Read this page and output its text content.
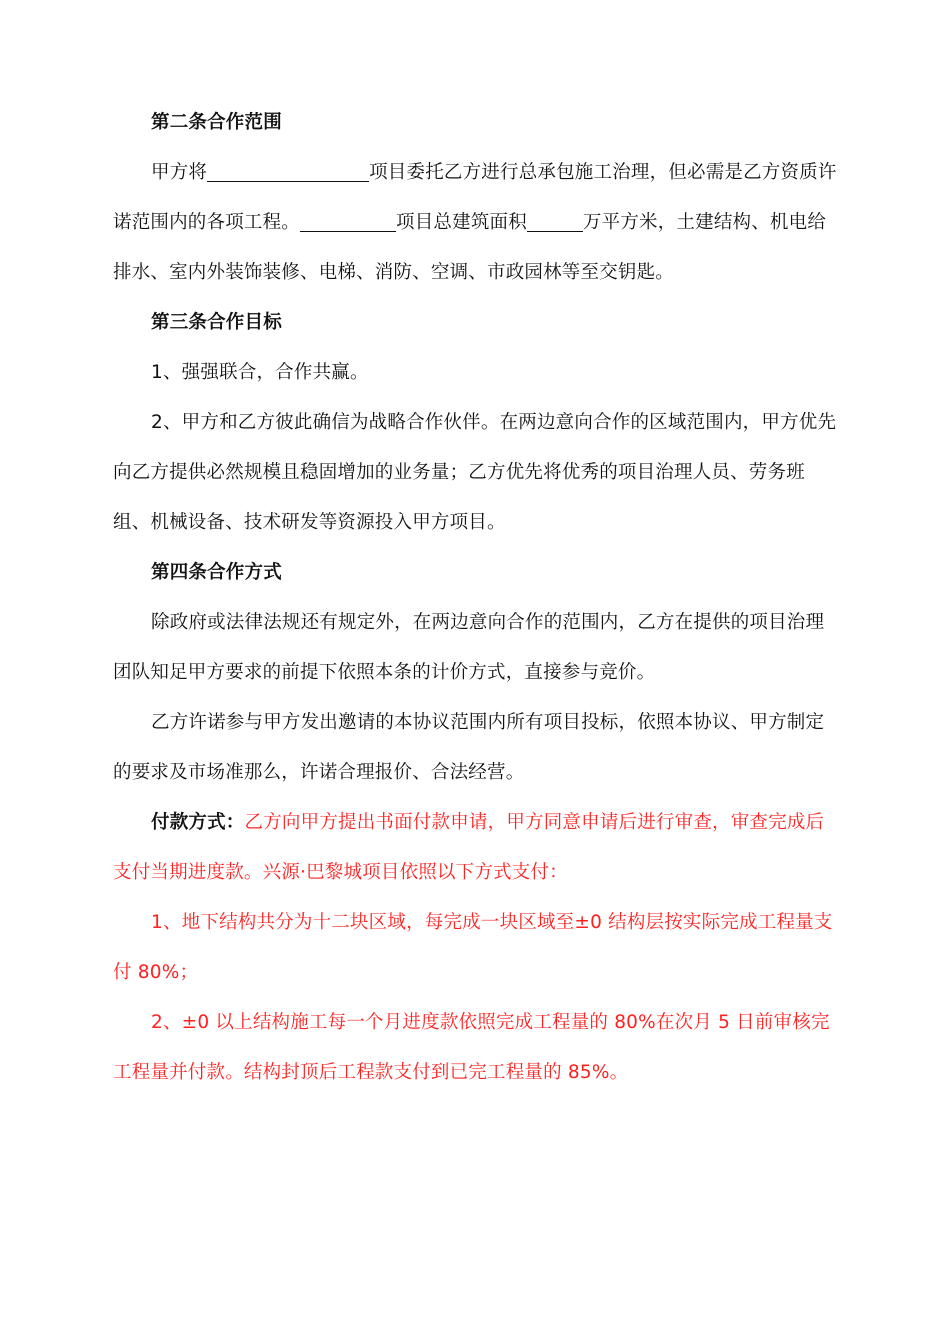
第二条合作范围

甲方将	项目委托乙方进行总承包施工治理，但必需是乙方资质许诺范围内的各项工程。	项目总建筑面积	万平方米，土建结构、机电给排水、室内外装饰装修、电梯、消防、空调、市政园林等至交钥匙。

第三条合作目标

1、强强联合，合作共赢。

2、甲方和乙方彼此确信为战略合作伙伴。在两边意向合作的区域范围内，甲方优先向乙方提供必然规模且稳固增加的业务量；乙方优先将优秀的项目治理人员、劳务班组、机械设备、技术研发等资源投入甲方项目。

第四条合作方式

除政府或法律法规还有规定外，在两边意向合作的范围内，乙方在提供的项目治理团队知足甲方要求的前提下依照本条的计价方式，直接参与竞价。

乙方许诺参与甲方发出邀请的本协议范围内所有项目投标，依照本协议、甲方制定的要求及市场准那么，许诺合理报价、合法经营。

付款方式：乙方向甲方提出书面付款申请，甲方同意申请后进行审查，审查完成后支付当期进度款。兴源·巴黎城项目依照以下方式支付：

1、地下结构共分为十二块区域，每完成一块区域至±0 结构层按实际完成工程量支付 80%；

2、±0 以上结构施工每一个月进度款依照完成工程量的 80%在次月 5 日前审核完工程量并付款。结构封顶后工程款支付到已完工程量的 85%。
